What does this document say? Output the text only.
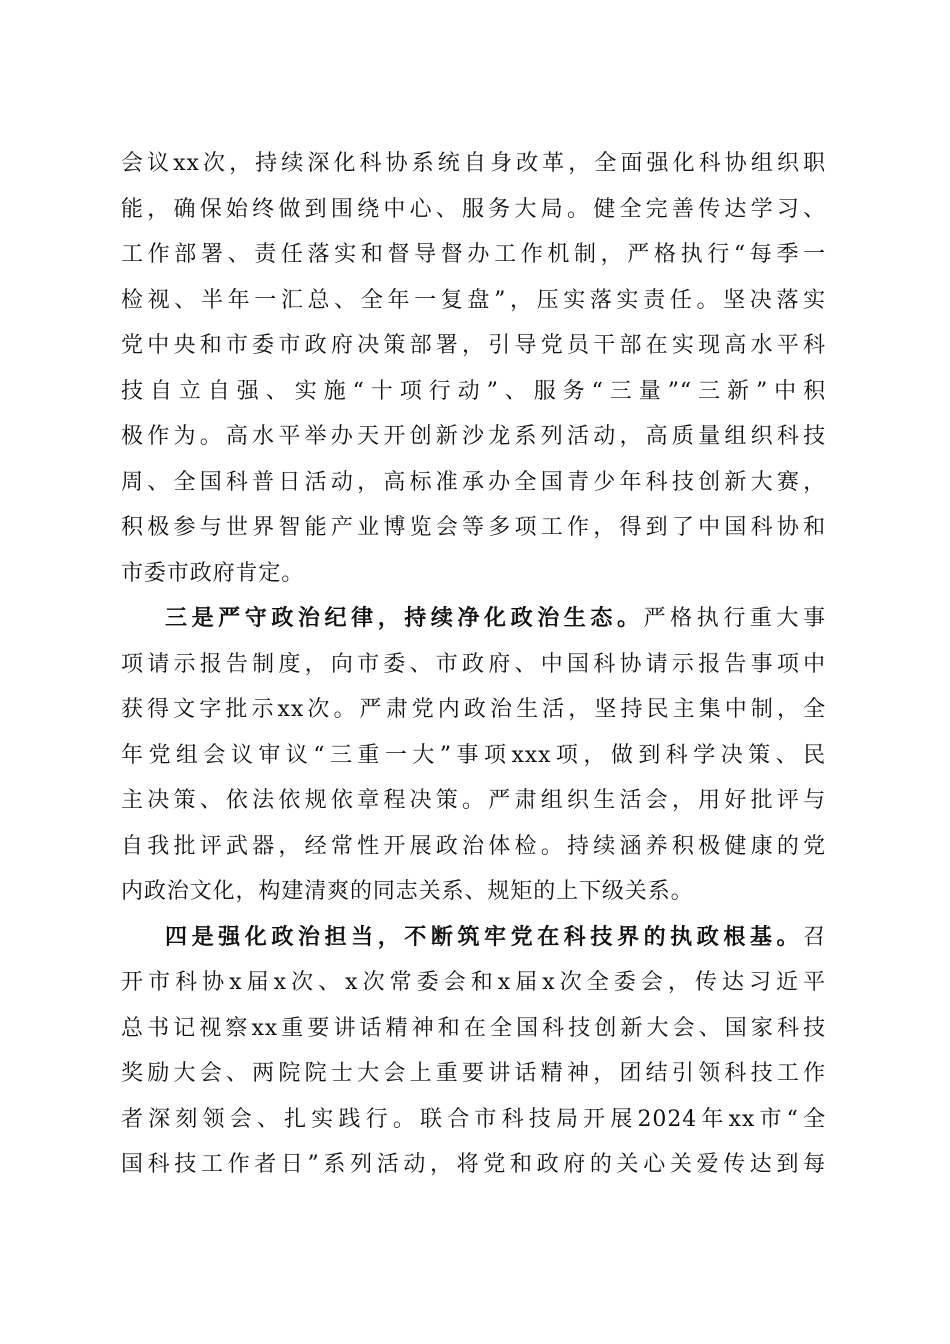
会议xx次，持续深化科协系统自身改革，全面强化科协组织职
能，确保始终做到围绕中心、服务大局。健全完善传达学习、
工作部署、责任落实和督导督办工作机制，严格执行“每季一
检视、半年一汇总、全年一复盘”，压实落实责任。坚决落实
党中央和市委市政府决策部署，引导党员干部在实现高水平科
技自立自强、实施“十项行动”、服务“三量”“三新”中积
极作为。高水平举办天开创新沙龙系列活动，高质量组织科技
周、全国科普日活动，高标准承办全国青少年科技创新大赛，
积极参与世界智能产业博览会等多项工作，得到了中国科协和
市委市政府肯定。

三是严守政治纪律，持续净化政治生态。严格执行重大事
项请示报告制度，向市委、市政府、中国科协请示报告事项中
获得文字批示xx次。严肃党内政治生活，坚持民主集中制，全
年党组会议审议“三重一大”事项xxx项，做到科学决策、民
主决策、依法依规依章程决策。严肃组织生活会，用好批评与
自我批评武器，经常性开展政治体检。持续涵养积极健康的党
内政治文化，构建清爽的同志关系、规矩的上下级关系。

四是强化政治担当，不断筑牢党在科技界的执政根基。召
开市科协x届x次、x次常委会和x届x次全委会，传达习近平
总书记视察xx重要讲话精神和在全国科技创新大会、国家科技
奖励大会、两院院士大会上重要讲话精神，团结引领科技工作
者深刻领会、扎实践行。联合市科技局开展2024年xx市“全
国科技工作者日”系列活动，将党和政府的关心关爱传达到每
